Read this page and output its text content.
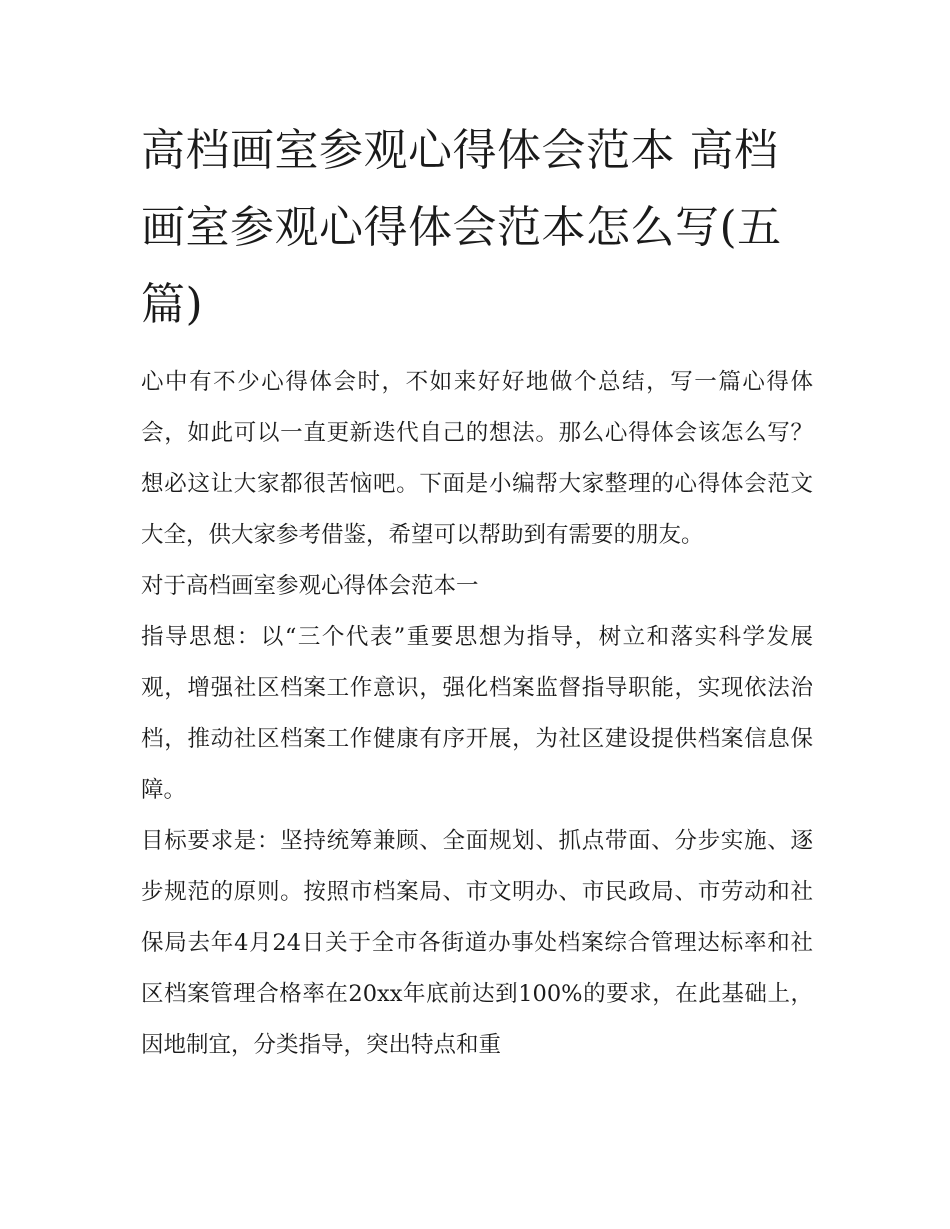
高档画室参观心得体会范本 高档画室参观心得体会范本怎么写(五篇)

心中有不少心得体会时，不如来好好地做个总结，写一篇心得体会，如此可以一直更新迭代自己的想法。那么心得体会该怎么写？想必这让大家都很苦恼吧。下面是小编帮大家整理的心得体会范文大全，供大家参考借鉴，希望可以帮助到有需要的朋友。

对于高档画室参观心得体会范本一

指导思想：以“三个代表”重要思想为指导，树立和落实科学发展观，增强社区档案工作意识，强化档案监督指导职能，实现依法治档，推动社区档案工作健康有序开展，为社区建设提供档案信息保障。

目标要求是：坚持统筹兼顾、全面规划、抓点带面、分步实施、逐步规范的原则。按照市档案局、市文明办、市民政局、市劳动和社保局去年4月24日关于全市各街道办事处档案综合管理达标率和社区档案管理合格率在20xx年底前达到100%的要求，在此基础上，因地制宜，分类指导，突出特点和重
